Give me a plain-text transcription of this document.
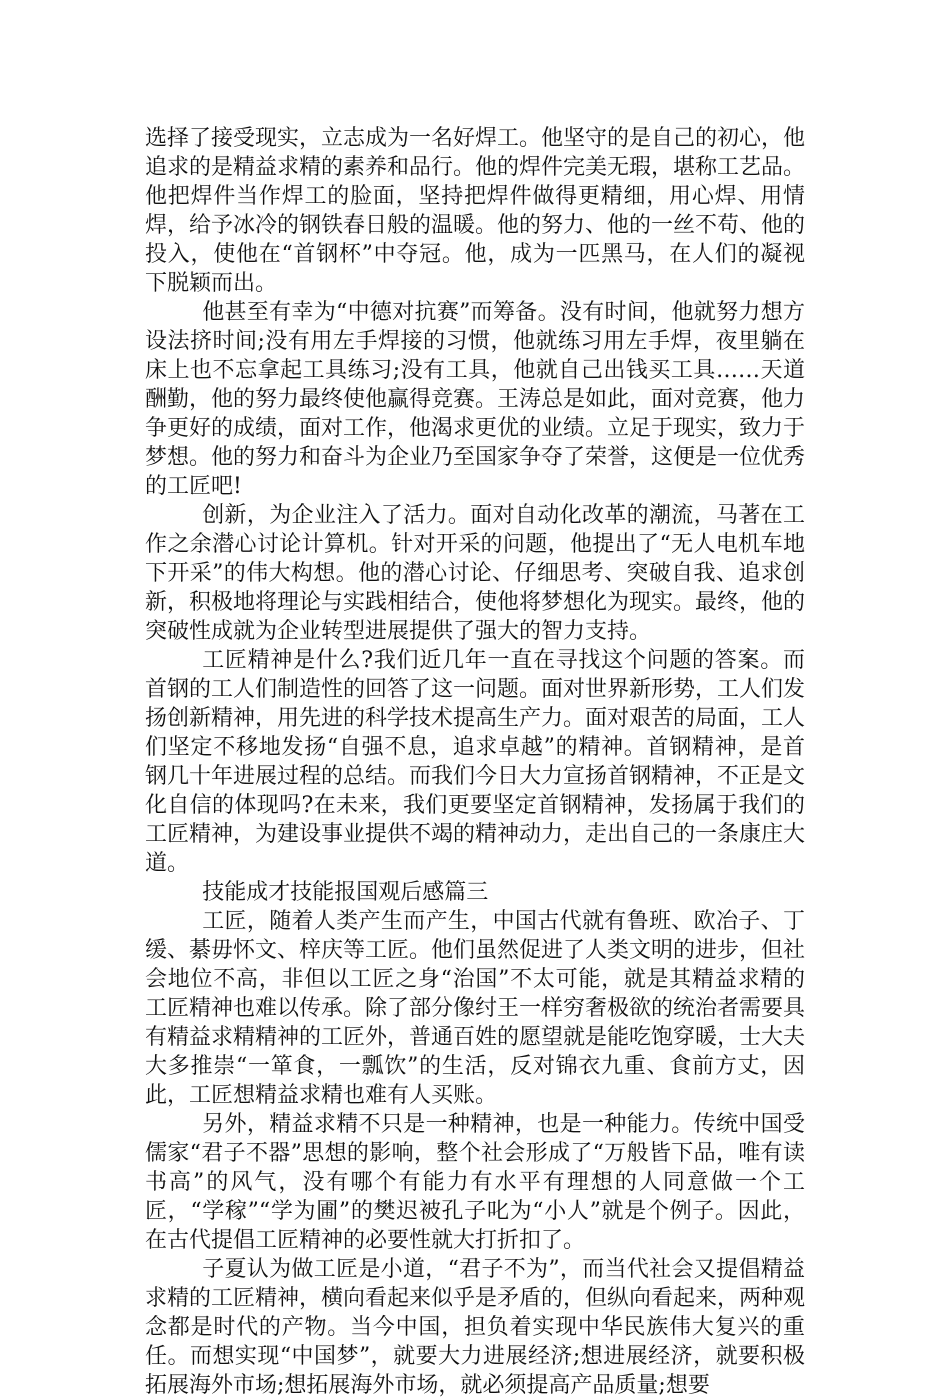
选择了接受现实，立志成为一名好焊工。他坚守的是自己的初心，他追求的是精益求精的素养和品行。他的焊件完美无瑕，堪称工艺品。他把焊件当作焊工的脸面，坚持把焊件做得更精细，用心焊、用情焊，给予冰冷的钢铁春日般的温暖。他的努力、他的一丝不苟、他的投入，使他在“首钢杯”中夺冠。他，成为一匹黑马，在人们的凝视下脱颖而出。

他甚至有幸为“中德对抗赛”而筹备。没有时间，他就努力想方设法挤时间;没有用左手焊接的习惯，他就练习用左手焊，夜里躺在床上也不忘拿起工具练习;没有工具，他就自己出钱买工具……天道酬勤，他的努力最终使他赢得竞赛。王涛总是如此，面对竞赛，他力争更好的成绩，面对工作，他渴求更优的业绩。立足于现实，致力于梦想。他的努力和奋斗为企业乃至国家争夺了荣誉，这便是一位优秀的工匠吧!

创新，为企业注入了活力。面对自动化改革的潮流，马著在工作之余潜心讨论计算机。针对开采的问题，他提出了“无人电机车地下开采”的伟大构想。他的潜心讨论、仔细思考、突破自我、追求创新，积极地将理论与实践相结合，使他将梦想化为现实。最终，他的突破性成就为企业转型进展提供了强大的智力支持。

工匠精神是什么?我们近几年一直在寻找这个问题的答案。而首钢的工人们制造性的回答了这一问题。面对世界新形势，工人们发扬创新精神，用先进的科学技术提高生产力。面对艰苦的局面，工人们坚定不移地发扬“自强不息，追求卓越”的精神。首钢精神，是首钢几十年进展过程的总结。而我们今日大力宣扬首钢精神，不正是文化自信的体现吗?在未来，我们更要坚定首钢精神，发扬属于我们的工匠精神，为建设事业提供不竭的精神动力，走出自己的一条康庄大道。

技能成才技能报国观后感篇三

工匠，随着人类产生而产生，中国古代就有鲁班、欧冶子、丁缓、綦毋怀文、梓庆等工匠。他们虽然促进了人类文明的进步，但社会地位不高，非但以工匠之身“治国”不太可能，就是其精益求精的工匠精神也难以传承。除了部分像纣王一样穷奢极欲的统治者需要具有精益求精精神的工匠外，普通百姓的愿望就是能吃饱穿暖，士大夫大多推崇“一箪食，一瓢饮”的生活，反对锦衣九重、食前方丈，因此，工匠想精益求精也难有人买账。

另外，精益求精不只是一种精神，也是一种能力。传统中国受儒家“君子不器”思想的影响，整个社会形成了“万般皆下品，唯有读书高”的风气，没有哪个有能力有水平有理想的人同意做一个工匠，“学稼”“学为圃”的樊迟被孔子叱为“小人”就是个例子。因此，在古代提倡工匠精神的必要性就大打折扣了。

子夏认为做工匠是小道，“君子不为”，而当代社会又提倡精益求精的工匠精神，横向看起来似乎是矛盾的，但纵向看起来，两种观念都是时代的产物。当今中国，担负着实现中华民族伟大复兴的重任。而想实现“中国梦”，就要大力进展经济;想进展经济，就要积极拓展海外市场;想拓展海外市场，就必须提高产品质量;想要
